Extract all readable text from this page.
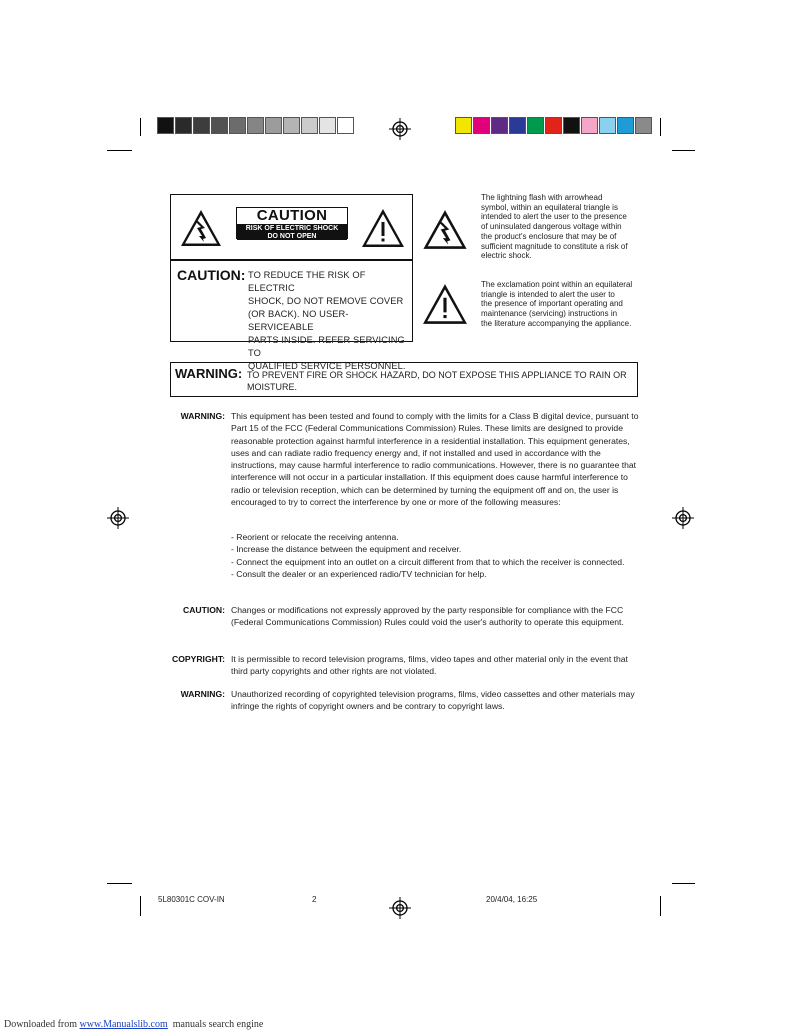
CAUTION
RISK OF ELECTRIC SHOCK
DO NOT OPEN
CAUTION: TO REDUCE THE RISK OF ELECTRIC
SHOCK, DO NOT REMOVE COVER
(OR BACK). NO USER-SERVICEABLE
PARTS INSIDE. REFER SERVICING TO
QUALIFIED SERVICE PERSONNEL.
The lightning flash with arrowhead
symbol, within an equilateral triangle is
intended to alert the user to the presence
of uninsulated dangerous voltage within
the product's enclosure that may be of
sufficient magnitude to constitute a risk of
electric shock.
The exclamation point within an equilateral
triangle is intended to alert the user to
the presence of important operating and
maintenance (servicing) instructions in
the literature accompanying the appliance.
WARNING: TO PREVENT FIRE OR SHOCK HAZARD, DO NOT EXPOSE THIS APPLIANCE TO RAIN OR MOISTURE.
WARNING: This equipment has been tested and found to comply with the limits for a Class B digital device, pursuant to Part 15 of the FCC (Federal Communications Commission) Rules. These limits are designed to provide reasonable protection against harmful interference in a residential installation. This equipment generates, uses and can radiate radio frequency energy and, if not installed and used in accordance with the instructions, may cause harmful interference to radio communications. However, there is no guarantee that interference will not occur in a particular installation. If this equipment does cause harmful interference to radio or television reception, which can be determined by turning the equipment off and on, the user is encouraged to try to correct the interference by one or more of the following measures:

- Reorient or relocate the receiving antenna.
- Increase the distance between the equipment and receiver.
- Connect the equipment into an outlet on a circuit different from that to which the receiver is connected.
- Consult the dealer or an experienced radio/TV technician for help.
CAUTION: Changes or modifications not expressly approved by the party responsible for compliance with the FCC (Federal Communications Commission) Rules could void the user's authority to operate this equipment.

COPYRIGHT: It is permissible to record television programs, films, video tapes and other material only in the event that third party copyrights and other rights are not violated.

WARNING: Unauthorized recording of copyrighted television programs, films, video cassettes and other materials may infringe the rights of copyright owners and be contrary to copyright laws.

5L80301C COV-IN	2	20/4/04, 16:25
Downloaded from www.Manualslib.com  manuals search engine
